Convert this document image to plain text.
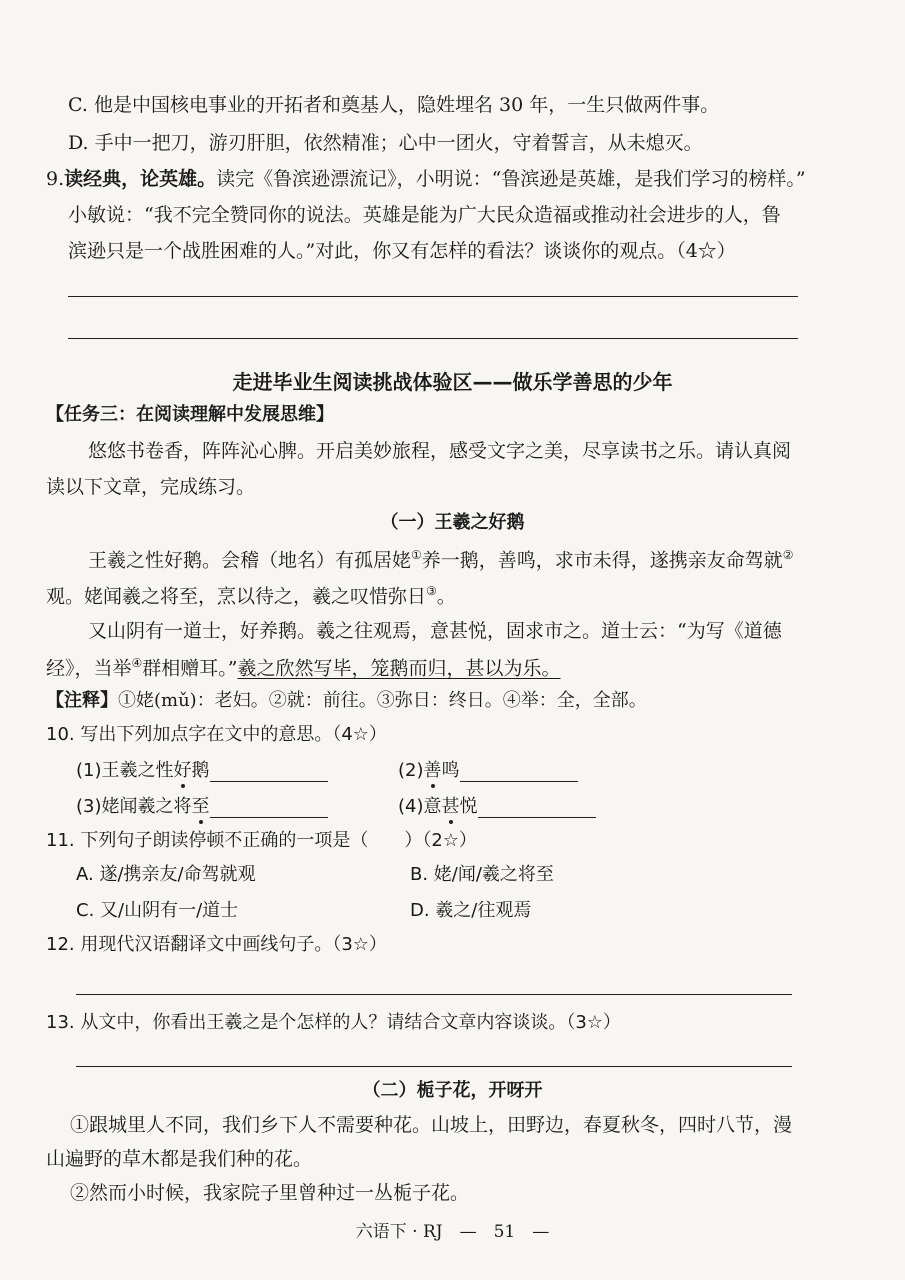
C. 他是中国核电事业的开拓者和奠基人，隐姓埋名 30 年，一生只做两件事。
D. 手中一把刀，游刃肝胆，依然精准；心中一团火，守着誓言，从未熄灭。
9.读经典，论英雄。读完《鲁滨逊漂流记》，小明说：“鲁滨逊是英雄，是我们学习的榜样。”
小敏说：“我不完全赞同你的说法。英雄是能为广大民众造福或推动社会进步的人，鲁
滨逊只是一个战胜困难的人。”对此，你又有怎样的看法？谈谈你的观点。（4☆）
走进毕业生阅读挑战体验区——做乐学善思的少年
【任务三：在阅读理解中发展思维】
悠悠书卷香，阵阵沁心脾。开启美妙旅程，感受文字之美，尽享读书之乐。请认真阅
读以下文章，完成练习。
（一）王羲之好鹅
王羲之性好鹅。会稽（地名）有孤居姥①养一鹅，善鸣，求市未得，遂携亲友命驾就②
观。姥闻羲之将至，烹以待之，羲之叹惜弥日③。
又山阴有一道士，好养鹅。羲之往观焉，意甚悦，固求市之。道士云：“为写《道德
经》，当举④群相赠耳。”羲之欣然写毕，笼鹅而归，甚以为乐。
【注释】①姥(mǔ)：老妇。②就：前往。③弥日：终日。④举：全，全部。
10. 写出下列加点字在文中的意思。（4☆）
(1)王羲之性好鹅	(2)善鸣
(3)姥闻羲之将至	(4)意甚悦
11. 下列句子朗读停顿不正确的一项是（　　）（2☆）
A. 遂/携亲友/命驾就观	B. 姥/闻/羲之将至
C. 又/山阴有一/道士	D. 羲之/往观焉
12. 用现代汉语翻译文中画线句子。（3☆）
13. 从文中，你看出王羲之是个怎样的人？请结合文章内容谈谈。（3☆）
（二）栀子花，开呀开
①跟城里人不同，我们乡下人不需要种花。山坡上，田野边，春夏秋冬，四时八节，漫
山遍野的草木都是我们种的花。
②然而小时候，我家院子里曾种过一丛栀子花。
六语下 · RJ　—　51　—
